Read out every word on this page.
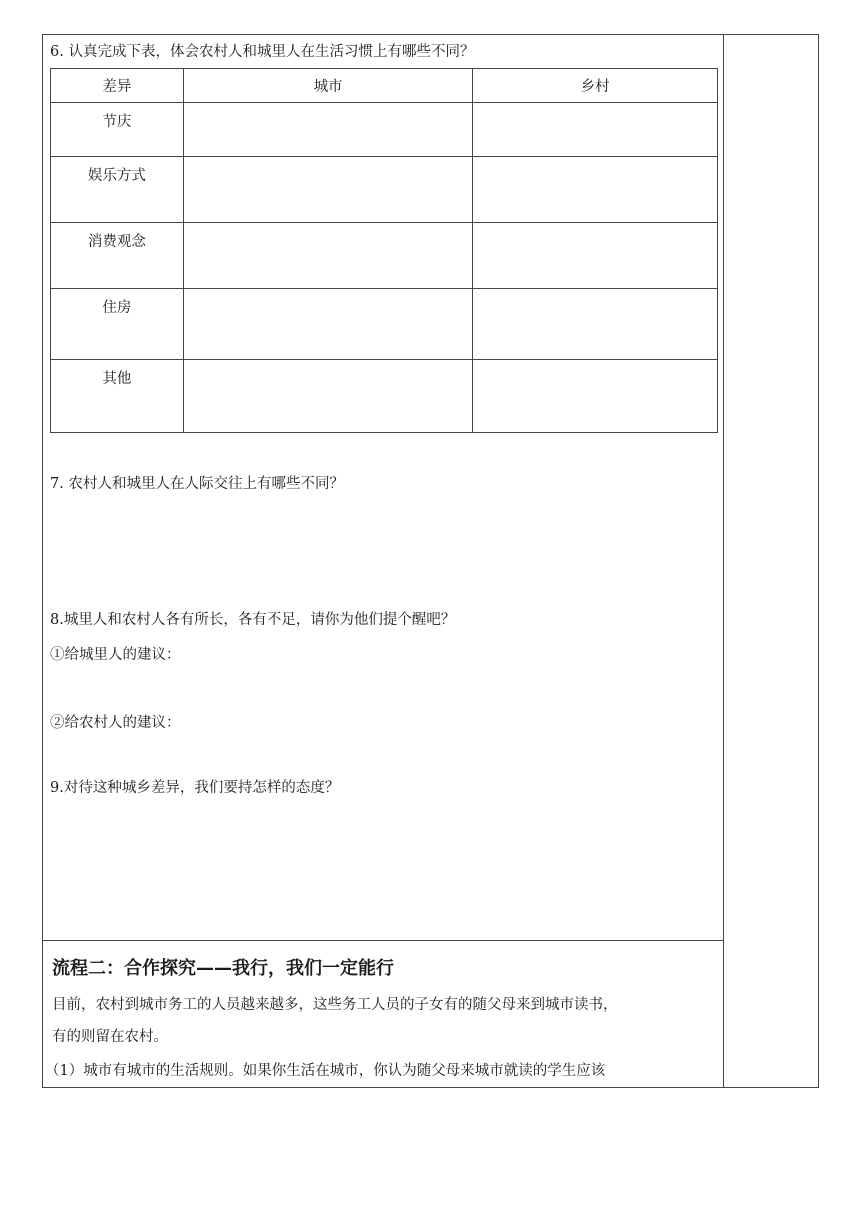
6. 认真完成下表，体会农村人和城里人在生活习惯上有哪些不同？
差异	城市	乡村
节庆		
娱乐方式		
消费观念		
住房		
其他		
7. 农村人和城里人在人际交往上有哪些不同？
8.城里人和农村人各有所长，各有不足，请你为他们提个醒吧？
①给城里人的建议：
②给农村人的建议：
9.对待这种城乡差异，我们要持怎样的态度？
流程二：合作探究——我行，我们一定能行
目前，农村到城市务工的人员越来越多，这些务工人员的子女有的随父母来到城市读书，
有的则留在农村。
（1）城市有城市的生活规则。如果你生活在城市，你认为随父母来城市就读的学生应该
